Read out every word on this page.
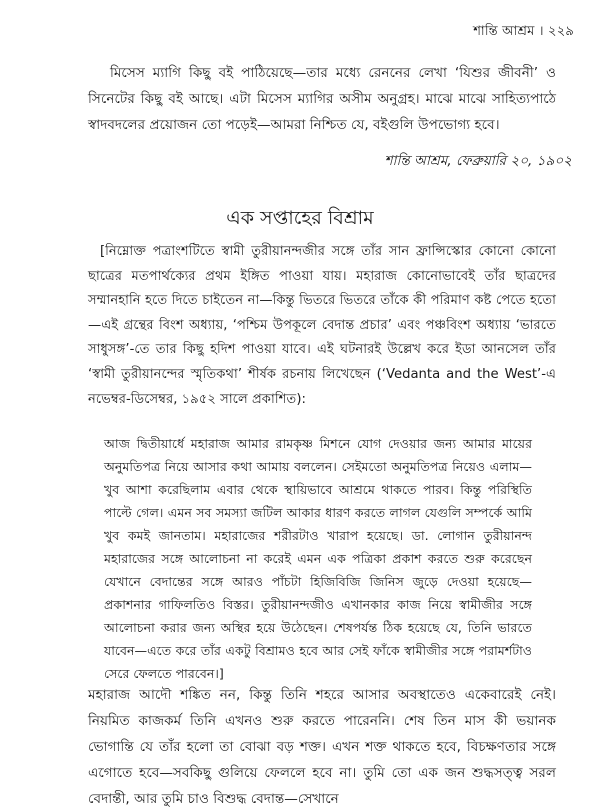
শান্তি আশ্রম । ২২৯
মিসেস ম্যাগি কিছু বই পাঠিয়েছে—তার মধ্যে রেননের লেখা ‘যিশুর জীবনী’ ও সিনেটের কিছু বই আছে। এটা মিসেস ম্যাগির অসীম অনুগ্রহ। মাঝে মাঝে সাহিত্যপাঠে স্বাদবদলের প্রয়োজন তো পড়েই—আমরা নিশ্চিত যে, বইগুলি উপভোগ্য হবে।
শান্তি আশ্রম, ফেব্রুয়ারি ২০, ১৯০২
এক সপ্তাহের বিশ্রাম

[নিম্নোক্ত পত্রাংশটিতে স্বামী তুরীয়ানন্দজীর সঙ্গে তাঁর সান ফ্রান্সিস্কোর কোনো কোনো ছাত্রের মতপার্থক্যের প্রথম ইঙ্গিত পাওয়া যায়। মহারাজ কোনোভাবেই তাঁর ছাত্রদের সম্মানহানি হতে দিতে চাইতেন না—কিন্তু ভিতরে ভিতরে তাঁকে কী পরিমাণ কষ্ট পেতে হতো—এই গ্রন্থের বিংশ অধ্যায়, ‘পশ্চিম উপকূলে বেদান্ত প্রচার’ এবং পঞ্চবিংশ অধ্যায় ‘ভারতে সাধুসঙ্গ’-তে তার কিছু হদিশ পাওয়া যাবে। এই ঘটনারই উল্লেখ করে ইডা আনসেল তাঁর ‘স্বামী তুরীয়ানন্দের স্মৃতিকথা’ শীর্ষক রচনায় লিখেছেন (‘Vedanta and the West’-এ নভেম্বর-ডিসেম্বর, ১৯৫২ সালে প্রকাশিত):

আজ দ্বিতীয়ার্ধে মহারাজ আমার রামকৃষ্ণ মিশনে যোগ দেওয়ার জন্য আমার মায়ের অনুমতিপত্র নিয়ে আসার কথা আমায় বললেন। সেইমতো অনুমতিপত্র নিয়েও এলাম—খুব আশা করেছিলাম এবার থেকে স্থায়িভাবে আশ্রমে থাকতে পারব। কিন্তু পরিস্থিতি পাল্টে গেল। এমন সব সমস্যা জটিল আকার ধারণ করতে লাগল যেগুলি সম্পর্কে আমি খুব কমই জানতাম। মহারাজের শরীরটাও খারাপ হয়েছে। ডা. লোগান তুরীয়ানন্দ মহারাজের সঙ্গে আলোচনা না করেই এমন এক পত্রিকা প্রকাশ করতে শুরু করেছেন যেখানে বেদান্তের সঙ্গে আরও পাঁচটা হিজিবিজি জিনিস জুড়ে দেওয়া হয়েছে—প্রকাশনার গাফিলতিও বিস্তর। তুরীয়ানন্দজীও এখানকার কাজ নিয়ে স্বামীজীর সঙ্গে আলোচনা করার জন্য অস্থির হয়ে উঠেছেন। শেষপর্যন্ত ঠিক হয়েছে যে, তিনি ভারতে যাবেন—এতে করে তাঁর একটু বিশ্রামও হবে আর সেই ফাঁকে স্বামীজীর সঙ্গে পরামর্শটাও সেরে ফেলতে পারবেন।]

মহারাজ আদৌ শঙ্কিত নন, কিন্তু তিনি শহরে আসার অবস্থাতেও একেবারেই নেই। নিয়মিত কাজকর্ম তিনি এখনও শুরু করতে পারেননি। শেষ তিন মাস কী ভয়ানক ভোগান্তি যে তাঁর হলো তা বোঝা বড় শক্ত। এখন শক্ত থাকতে হবে, বিচক্ষণতার সঙ্গে এগোতে হবে—সবকিছু গুলিয়ে ফেললে হবে না। তুমি তো এক জন শুদ্ধসত্ত্ব সরল বেদান্তী, আর তুমি চাও বিশুদ্ধ বেদান্ত—সেখানে
